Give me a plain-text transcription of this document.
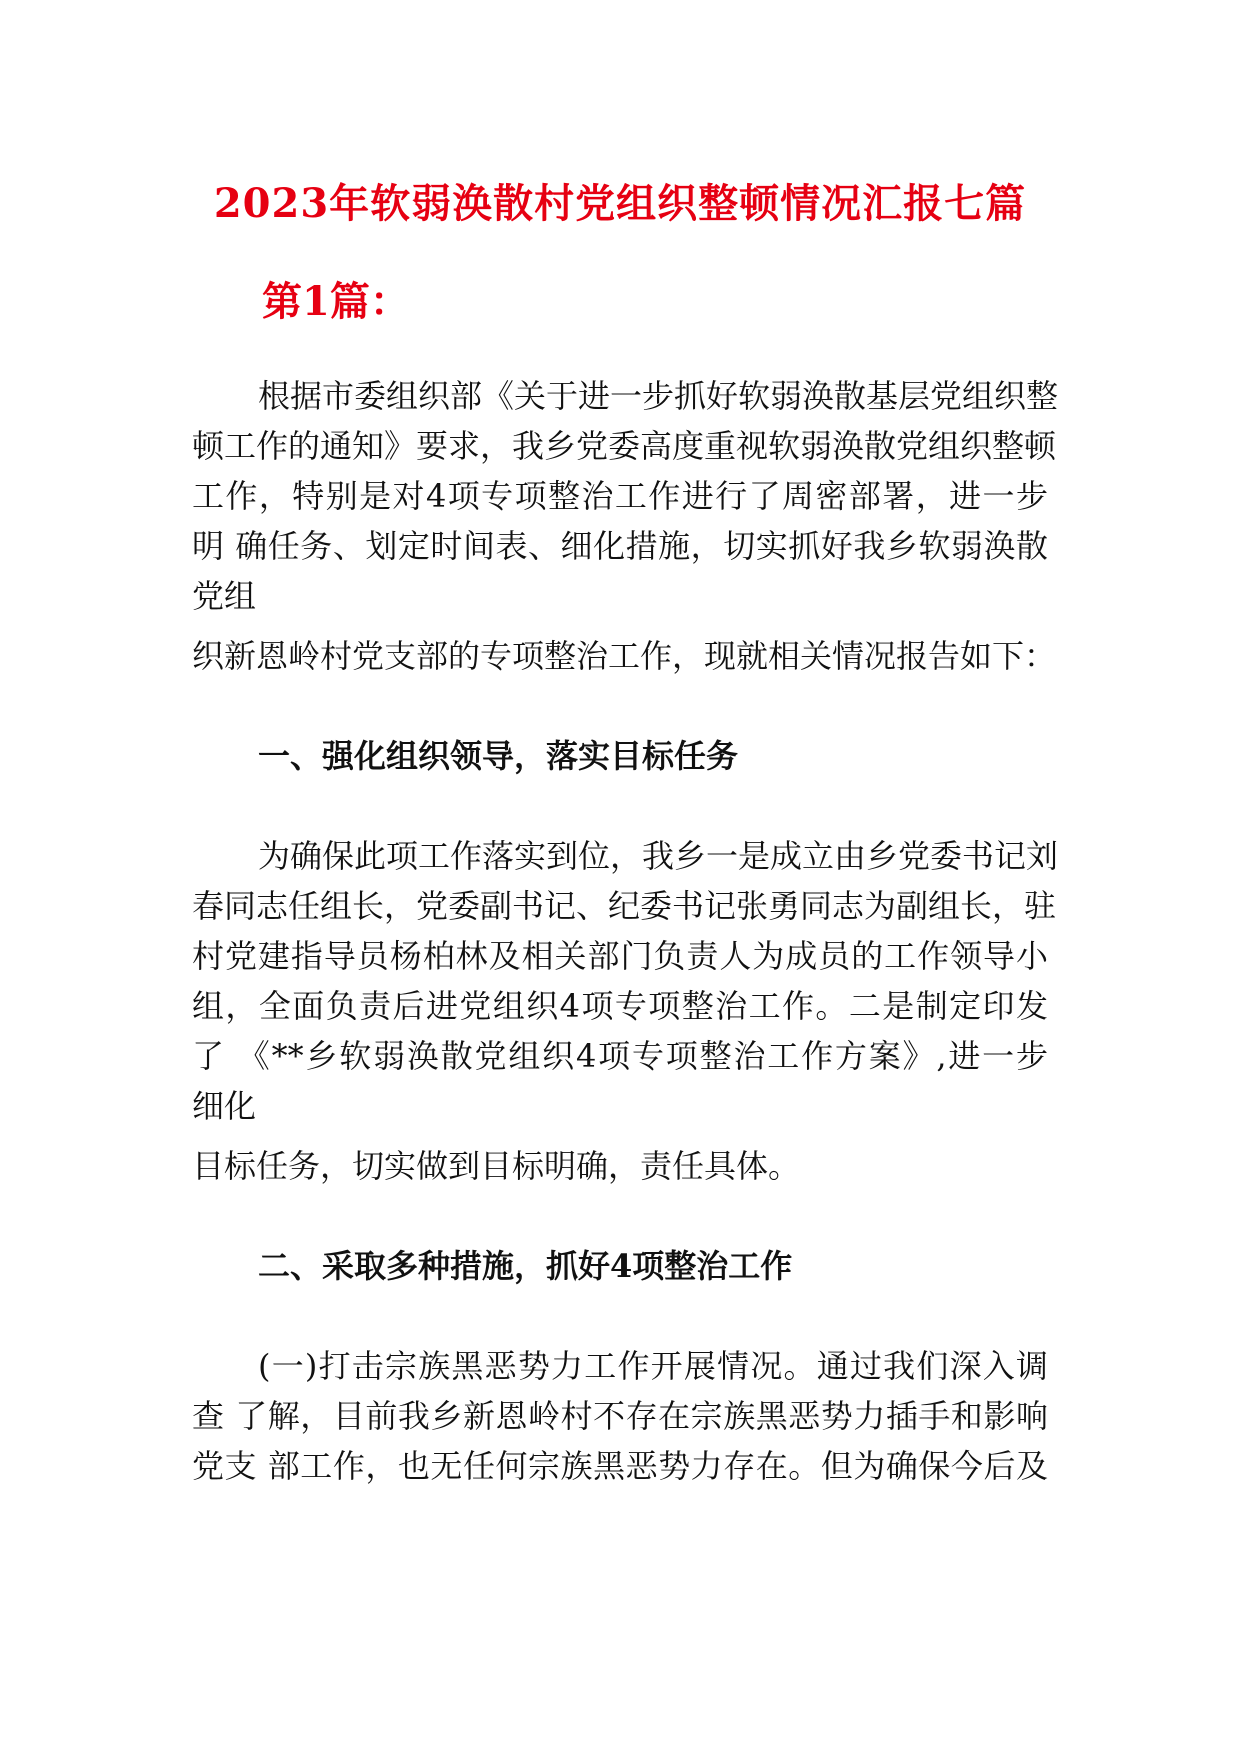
2023年软弱涣散村党组织整顿情况汇报七篇
第1篇：
根据市委组织部《关于进一步抓好软弱涣散基层党组织整
顿工作的通知》要求，我乡党委高度重视软弱涣散党组织整顿
工作，特别是对4项专项整治工作进行了周密部署，进一步
明 确任务、划定时间表、细化措施，切实抓好我乡软弱涣散
党组
织新恩岭村党支部的专项整治工作，现就相关情况报告如下：
一、强化组织领导，落实目标任务
为确保此项工作落实到位，我乡一是成立由乡党委书记刘
春同志任组长，党委副书记、纪委书记张勇同志为副组长，驻
村党建指导员杨柏林及相关部门负责人为成员的工作领导小
组，全面负责后进党组织4项专项整治工作。二是制定印发
了 《**乡软弱涣散党组织4项专项整治工作方案》,进一步
细化
目标任务，切实做到目标明确，责任具体。
二、采取多种措施，抓好4项整治工作
(一)打击宗族黑恶势力工作开展情况。通过我们深入调
查 了解，目前我乡新恩岭村不存在宗族黑恶势力插手和影响
党支 部工作，也无任何宗族黑恶势力存在。但为确保今后及
